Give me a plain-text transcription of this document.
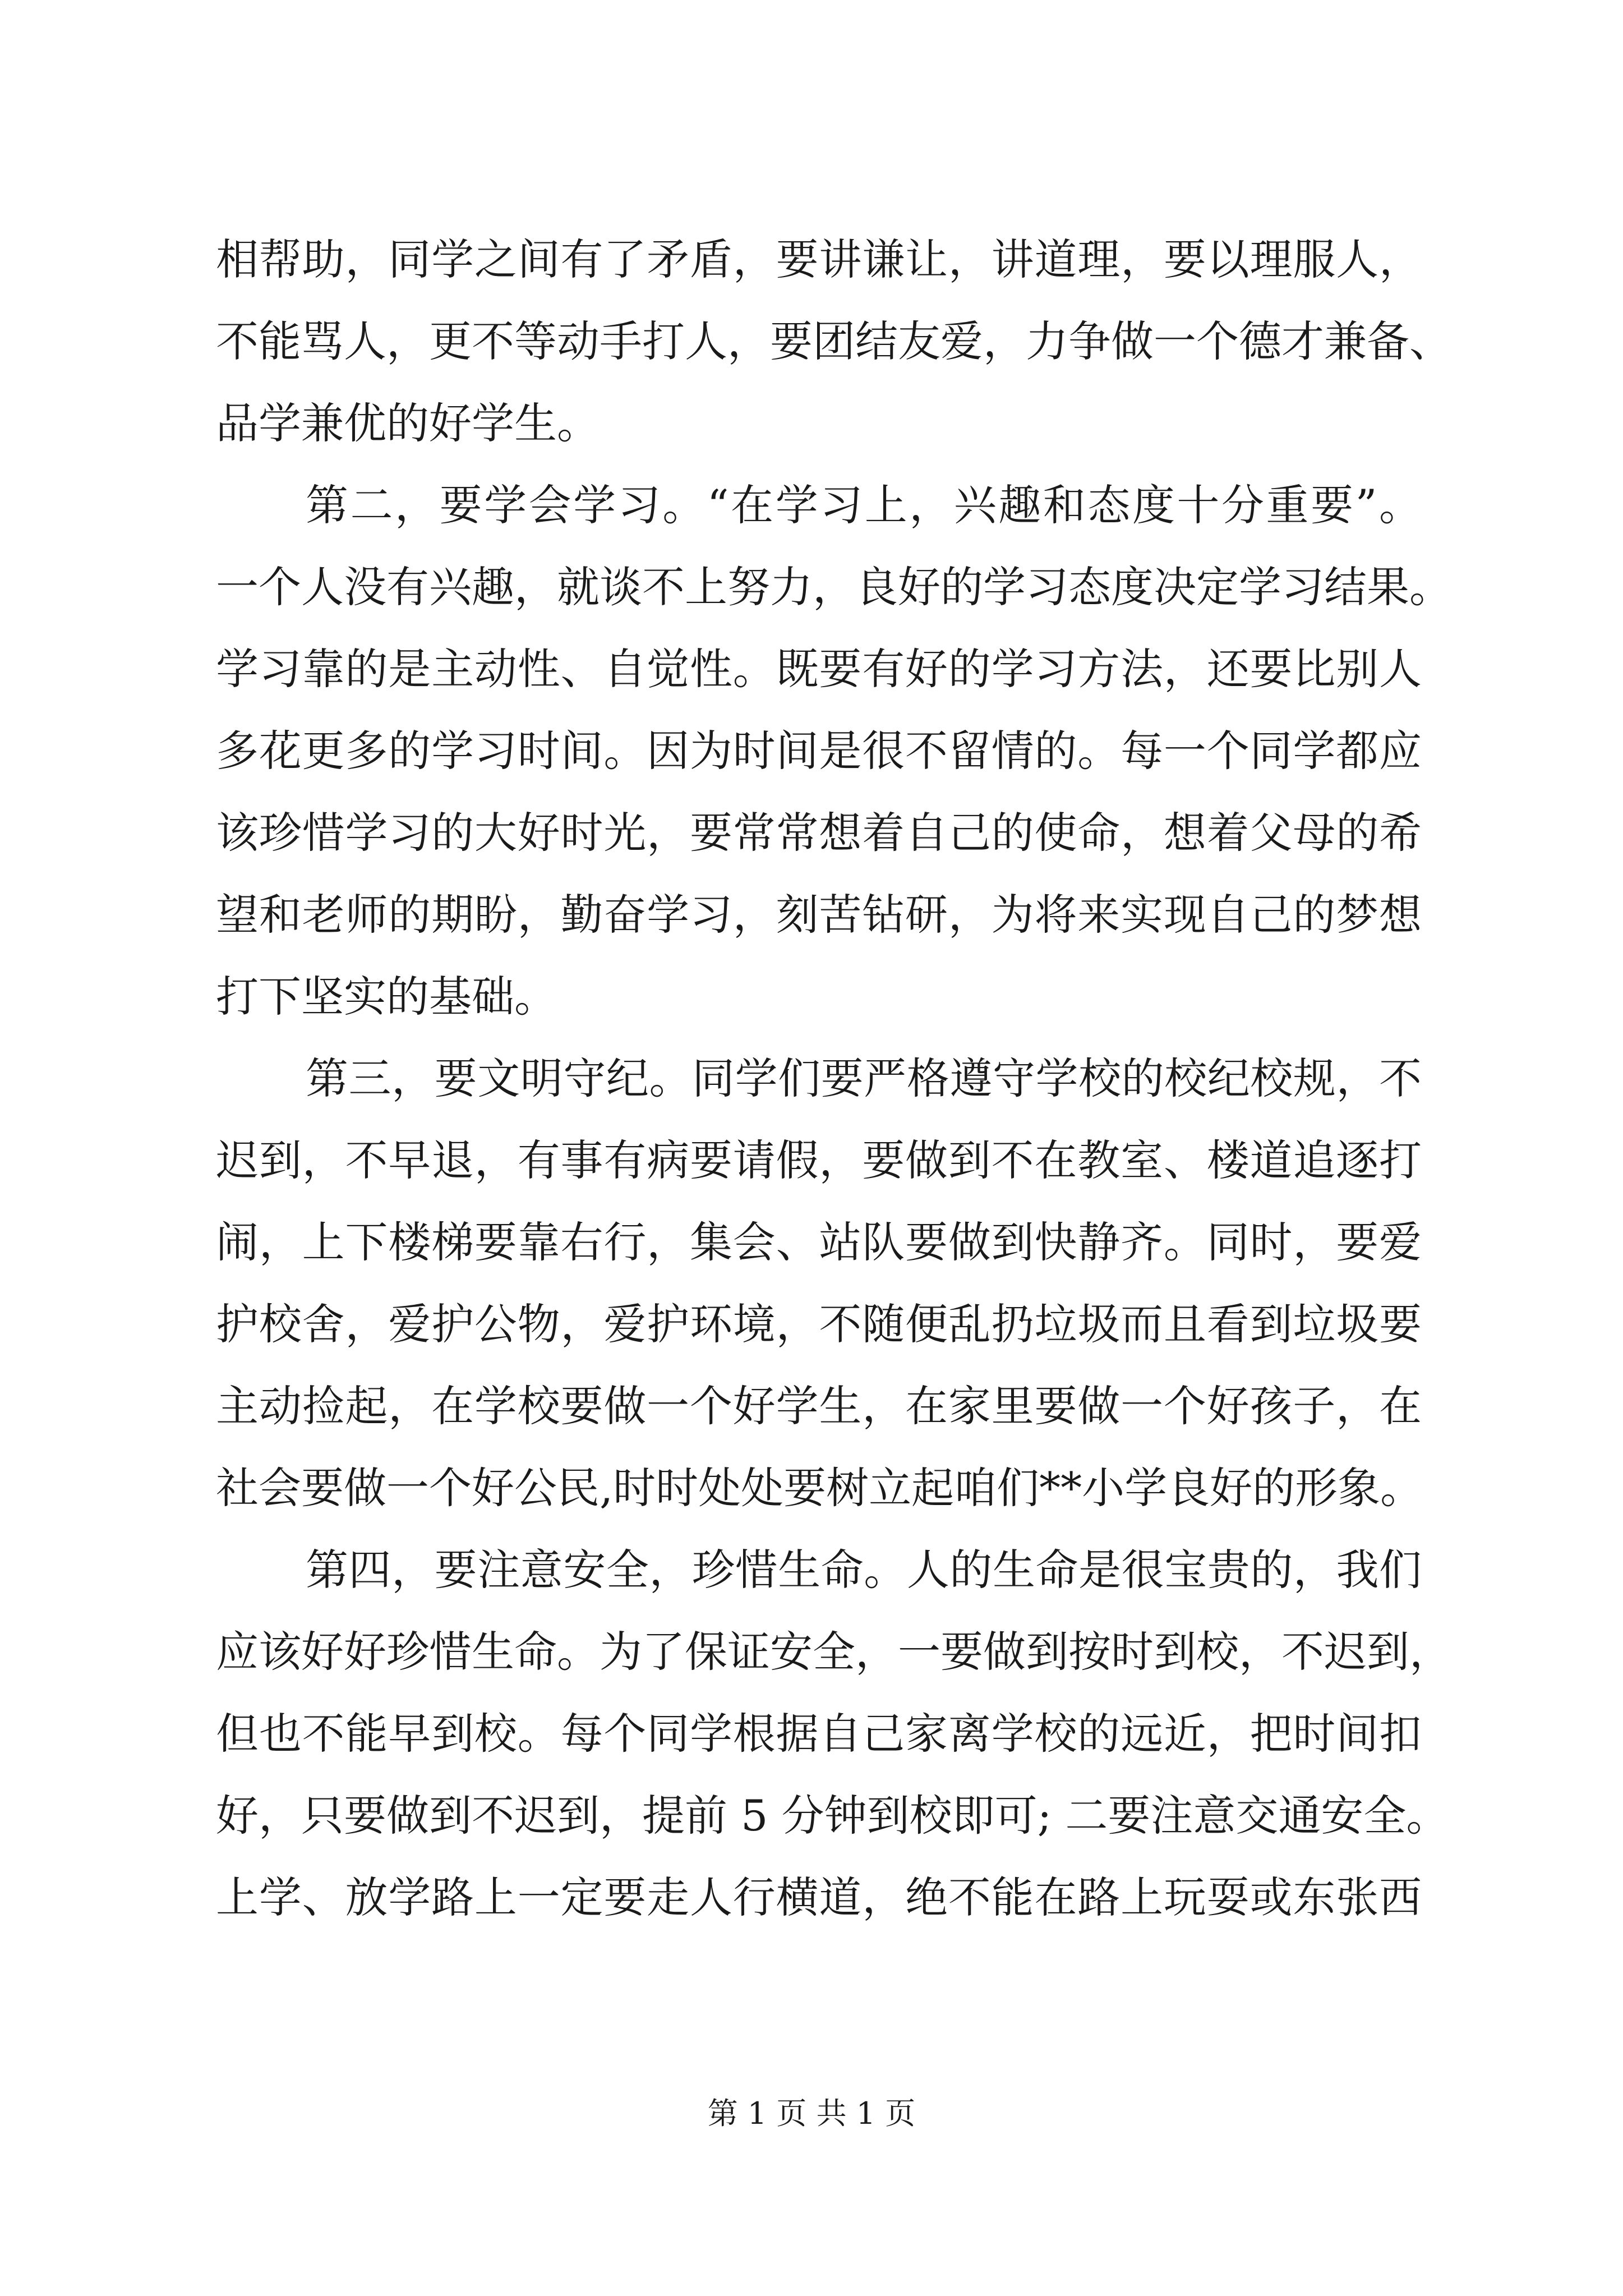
相帮助，同学之间有了矛盾，要讲谦让，讲道理，要以理服人，
不能骂人，更不等动手打人，要团结友爱，力争做一个德才兼备、
品学兼优的好学生。
第二，要学会学习。“在学习上，兴趣和态度十分重要”。
一个人没有兴趣，就谈不上努力，良好的学习态度决定学习结果。
学习靠的是主动性、自觉性。既要有好的学习方法，还要比别人
多花更多的学习时间。因为时间是很不留情的。每一个同学都应
该珍惜学习的大好时光，要常常想着自己的使命，想着父母的希
望和老师的期盼，勤奋学习，刻苦钻研，为将来实现自己的梦想
打下坚实的基础。
第三，要文明守纪。同学们要严格遵守学校的校纪校规，不
迟到，不早退，有事有病要请假，要做到不在教室、楼道追逐打
闹，上下楼梯要靠右行，集会、站队要做到快静齐。同时，要爱
护校舍，爱护公物，爱护环境，不随便乱扔垃圾而且看到垃圾要
主动捡起，在学校要做一个好学生，在家里要做一个好孩子，在
社会要做一个好公民,时时处处要树立起咱们**小学良好的形象。
第四，要注意安全，珍惜生命。人的生命是很宝贵的，我们
应该好好珍惜生命。为了保证安全，一要做到按时到校，不迟到，
但也不能早到校。每个同学根据自己家离学校的远近，把时间扣
好，只要做到不迟到，提前 5 分钟到校即可; 二要注意交通安全。
上学、放学路上一定要走人行横道，绝不能在路上玩耍或东张西
第 1 页 共 1 页
